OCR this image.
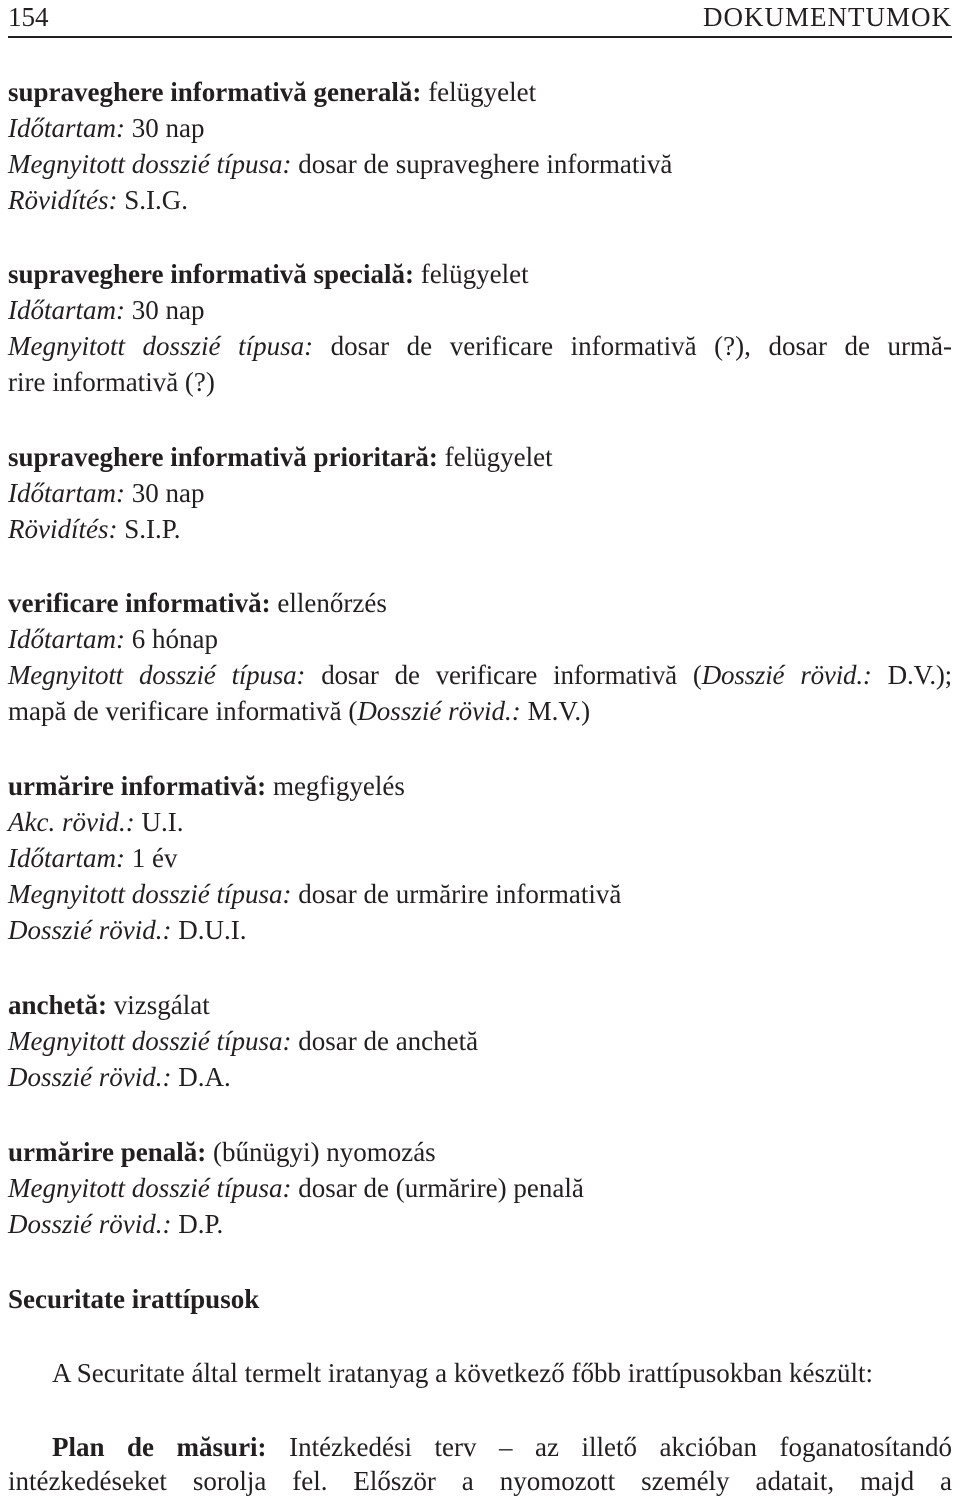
154	DOKUMENTUMOK
supraveghere informativă generală: felügyelet
Időtartam: 30 nap
Megnyitott dosszié típusa: dosar de supraveghere informativă
Rövidítés: S.I.G.
supraveghere informativă specială: felügyelet
Időtartam: 30 nap
Megnyitott dosszié típusa: dosar de verificare informativă (?), dosar de urmă-
rire informativă (?)
supraveghere informativă prioritară: felügyelet
Időtartam: 30 nap
Rövidítés: S.I.P.
verificare informativă: ellenőrzés
Időtartam: 6 hónap
Megnyitott dosszié típusa: dosar de verificare informativă (Dosszié rövid.: D.V.);
mapă de verificare informativă (Dosszié rövid.: M.V.)
urmărire informativă: megfigyelés
Akc. rövid.: U.I.
Időtartam: 1 év
Megnyitott dosszié típusa: dosar de urmărire informativă
Dosszié rövid.: D.U.I.
anchetă: vizsgálat
Megnyitott dosszié típusa: dosar de anchetă
Dosszié rövid.: D.A.
urmărire penală: (bűnügyi) nyomozás
Megnyitott dosszié típusa: dosar de (urmărire) penală
Dosszié rövid.: D.P.
Securitate irattípusok
A Securitate által termelt iratanyag a következő főbb irattípusokban készült:
Plan de măsuri: Intézkedési terv – az illető akcióban foganatosítandó
intézkedéseket sorolja fel. Először a nyomozott személy adatait, majd a
